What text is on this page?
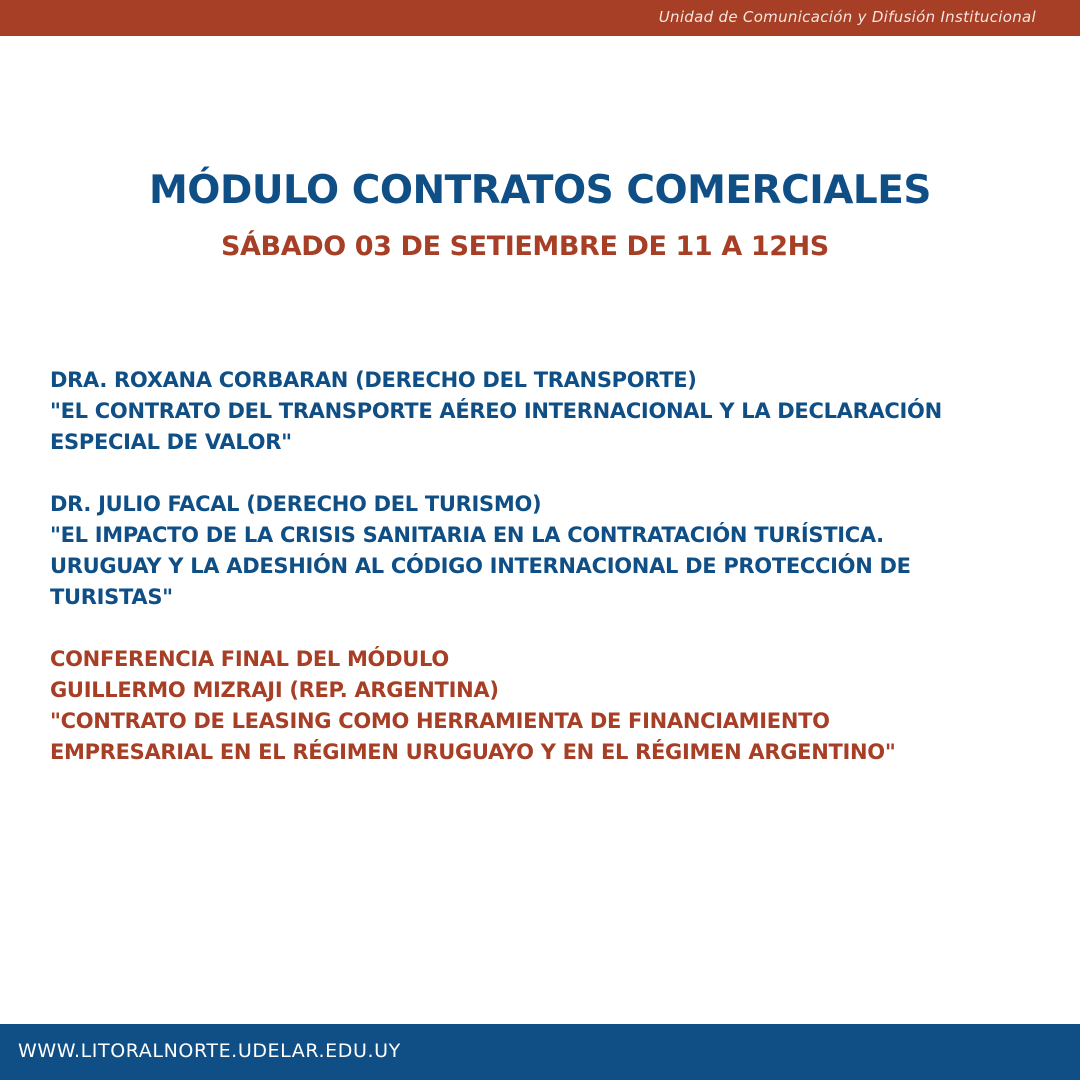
Unidad de Comunicación y Difusión Institucional
MÓDULO CONTRATOS COMERCIALES
SÁBADO 03 DE SETIEMBRE DE 11 A 12HS
DRA. ROXANA CORBARAN (DERECHO DEL TRANSPORTE)
"EL CONTRATO DEL TRANSPORTE AÉREO INTERNACIONAL Y LA DECLARACIÓN
ESPECIAL DE VALOR"
DR. JULIO FACAL (DERECHO DEL TURISMO)
"EL IMPACTO DE LA CRISIS SANITARIA EN LA CONTRATACIÓN TURÍSTICA.
URUGUAY Y LA ADESHIÓN AL CÓDIGO INTERNACIONAL DE PROTECCIÓN DE
TURISTAS"
CONFERENCIA FINAL DEL MÓDULO
GUILLERMO MIZRAJI (REP. ARGENTINA)
"CONTRATO DE LEASING COMO HERRAMIENTA DE FINANCIAMIENTO
EMPRESARIAL EN EL RÉGIMEN URUGUAYO Y EN EL RÉGIMEN ARGENTINO"
WWW.LITORALNORTE.UDELAR.EDU.UY
